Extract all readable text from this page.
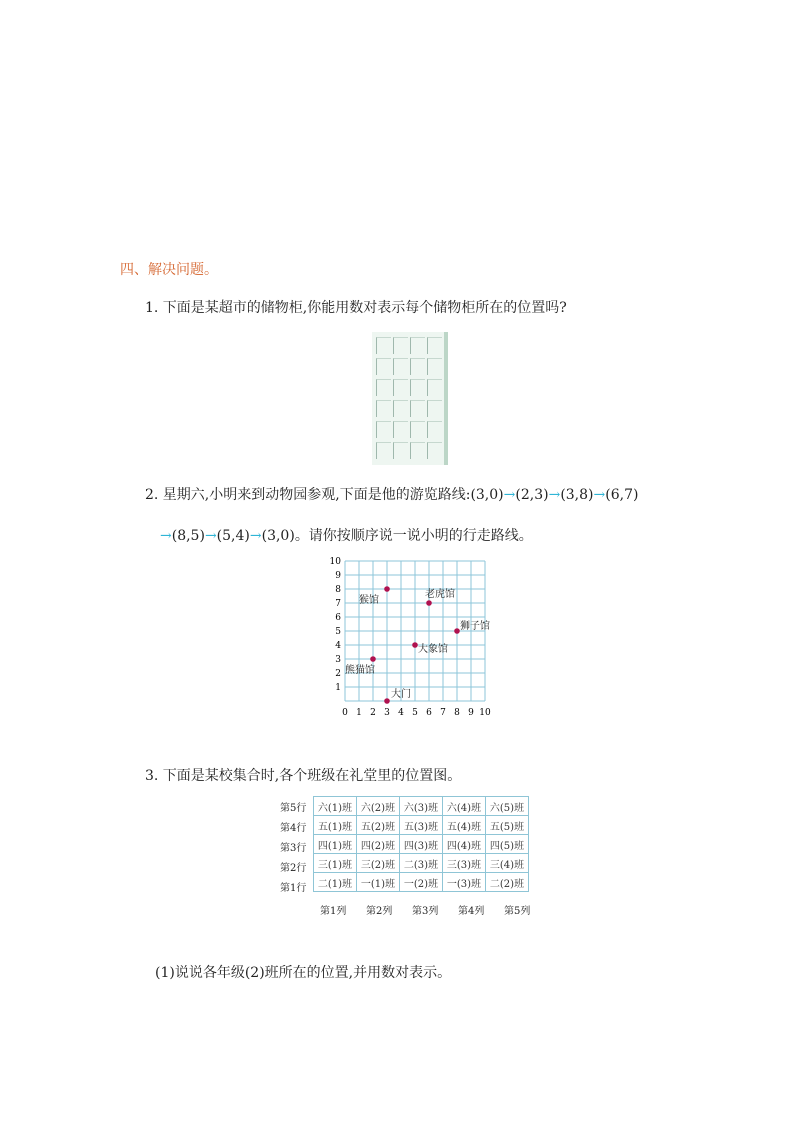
四、解决问题。
1. 下面是某超市的储物柜,你能用数对表示每个储物柜所在的位置吗?
2. 星期六,小明来到动物园参观,下面是他的游览路线:(3,0)→(2,3)→(3,8)→(6,7)
→(8,5)→(5,4)→(3,0)。请你按顺序说一说小明的行走路线。
0 1 2 3 4 5 6 7 8 9 10
1
2
3
4
5
6
7
8
9
10
大门
熊猫馆
猴馆
老虎馆
狮子馆
大象馆
3. 下面是某校集合时,各个班级在礼堂里的位置图。
第5行
第4行
第3行
第2行
第1行
六(1)班	六(2)班	六(3)班	六(4)班	六(5)班
五(1)班	五(2)班	五(3)班	五(4)班	五(5)班
四(1)班	四(2)班	四(3)班	四(4)班	四(5)班
三(1)班	三(2)班	二(3)班	三(3)班	三(4)班
二(1)班	一(1)班	一(2)班	一(3)班	二(2)班
第1列 第2列 第3列 第4列 第5列
(1)说说各年级(2)班所在的位置,并用数对表示。
